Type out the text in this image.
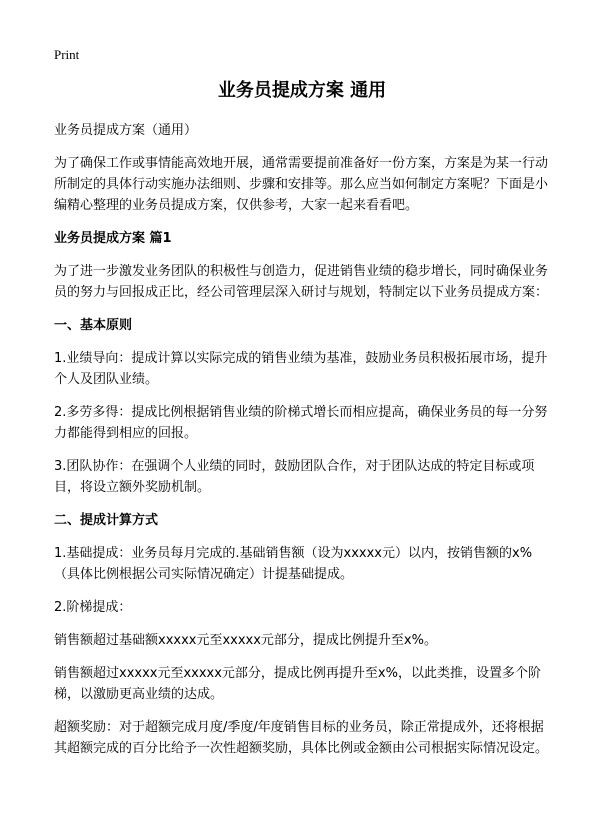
Print
业务员提成方案 通用

业务员提成方案（通用）

为了确保工作或事情能高效地开展，通常需要提前准备好一份方案，方案是为某一行动所制定的具体行动实施办法细则、步骤和安排等。那么应当如何制定方案呢？下面是小编精心整理的业务员提成方案，仅供参考，大家一起来看看吧。

业务员提成方案 篇1

为了进一步激发业务团队的积极性与创造力，促进销售业绩的稳步增长，同时确保业务员的努力与回报成正比，经公司管理层深入研讨与规划，特制定以下业务员提成方案：

一、基本原则

1.业绩导向：提成计算以实际完成的销售业绩为基准，鼓励业务员积极拓展市场，提升个人及团队业绩。

2.多劳多得：提成比例根据销售业绩的阶梯式增长而相应提高，确保业务员的每一分努力都能得到相应的回报。

3.团队协作：在强调个人业绩的同时，鼓励团队合作，对于团队达成的特定目标或项目，将设立额外奖励机制。

二、提成计算方式

1.基础提成：业务员每月完成的.基础销售额（设为xxxxx元）以内，按销售额的x%（具体比例根据公司实际情况确定）计提基础提成。

2.阶梯提成：

销售额超过基础额xxxxx元至xxxxx元部分，提成比例提升至x%。

销售额超过xxxxx元至xxxxx元部分，提成比例再提升至x%，以此类推，设置多个阶梯，以激励更高业绩的达成。

超额奖励：对于超额完成月度/季度/年度销售目标的业务员，除正常提成外，还将根据其超额完成的百分比给予一次性超额奖励，具体比例或金额由公司根据实际情况设定。
